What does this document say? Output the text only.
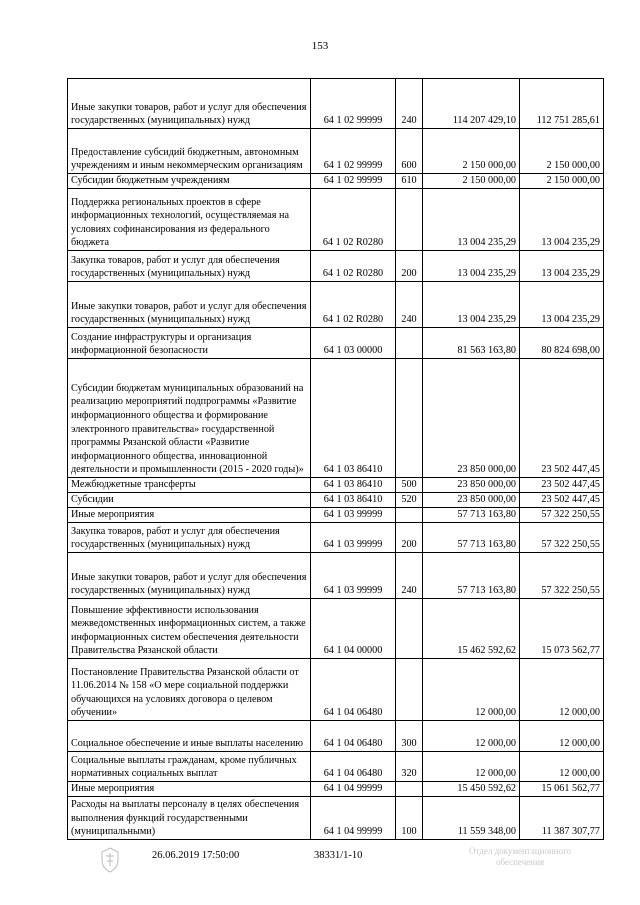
153
Иные закупки товаров, работ и услуг для обеспечения государственных (муниципальных) нужд	64 1 02 99999	240	114 207 429,10	112 751 285,61
Предоставление субсидий бюджетным, автономным учреждениям и иным некоммерческим организациям	64 1 02 99999	600	2 150 000,00	2 150 000,00
Субсидии бюджетным учреждениям	64 1 02 99999	610	2 150 000,00	2 150 000,00
Поддержка региональных проектов в сфере информационных технологий, осуществляемая на условиях софинансирования из федерального бюджета	64 1 02 R0280		13 004 235,29	13 004 235,29
Закупка товаров, работ и услуг для обеспечения государственных (муниципальных) нужд	64 1 02 R0280	200	13 004 235,29	13 004 235,29
Иные закупки товаров, работ и услуг для обеспечения государственных (муниципальных) нужд	64 1 02 R0280	240	13 004 235,29	13 004 235,29
Создание инфраструктуры и организация информационной безопасности	64 1 03 00000		81 563 163,80	80 824 698,00
Субсидии бюджетам муниципальных образований на реализацию мероприятий подпрограммы «Развитие информационного общества и формирование электронного правительства» государственной программы Рязанской области «Развитие информационного общества, инновационной деятельности и промышленности (2015 - 2020 годы)»	64 1 03 86410		23 850 000,00	23 502 447,45
Межбюджетные трансферты	64 1 03 86410	500	23 850 000,00	23 502 447,45
Субсидии	64 1 03 86410	520	23 850 000,00	23 502 447,45
Иные мероприятия	64 1 03 99999		57 713 163,80	57 322 250,55
Закупка товаров, работ и услуг для обеспечения государственных (муниципальных) нужд	64 1 03 99999	200	57 713 163,80	57 322 250,55
Иные закупки товаров, работ и услуг для обеспечения государственных (муниципальных) нужд	64 1 03 99999	240	57 713 163,80	57 322 250,55
Повышение эффективности использования межведомственных информационных систем, а также информационных систем обеспечения деятельности Правительства Рязанской области	64 1 04 00000		15 462 592,62	15 073 562,77
Постановление Правительства Рязанской области от 11.06.2014 № 158 «О мере социальной поддержки обучающихся на условиях договора о целевом обучении»	64 1 04 06480		12 000,00	12 000,00
Социальное обеспечение и иные выплаты населению	64 1 04 06480	300	12 000,00	12 000,00
Социальные выплаты гражданам, кроме публичных нормативных социальных выплат	64 1 04 06480	320	12 000,00	12 000,00
Иные мероприятия	64 1 04 99999		15 450 592,62	15 061 562,77
Расходы на выплаты персоналу в целях обеспечения выполнения функций государственными (муниципальными)	64 1 04 99999	100	11 559 348,00	11 387 307,77
26.06.2019 17:50:00	38331/1-10	Отдел документационного
обеспечения
